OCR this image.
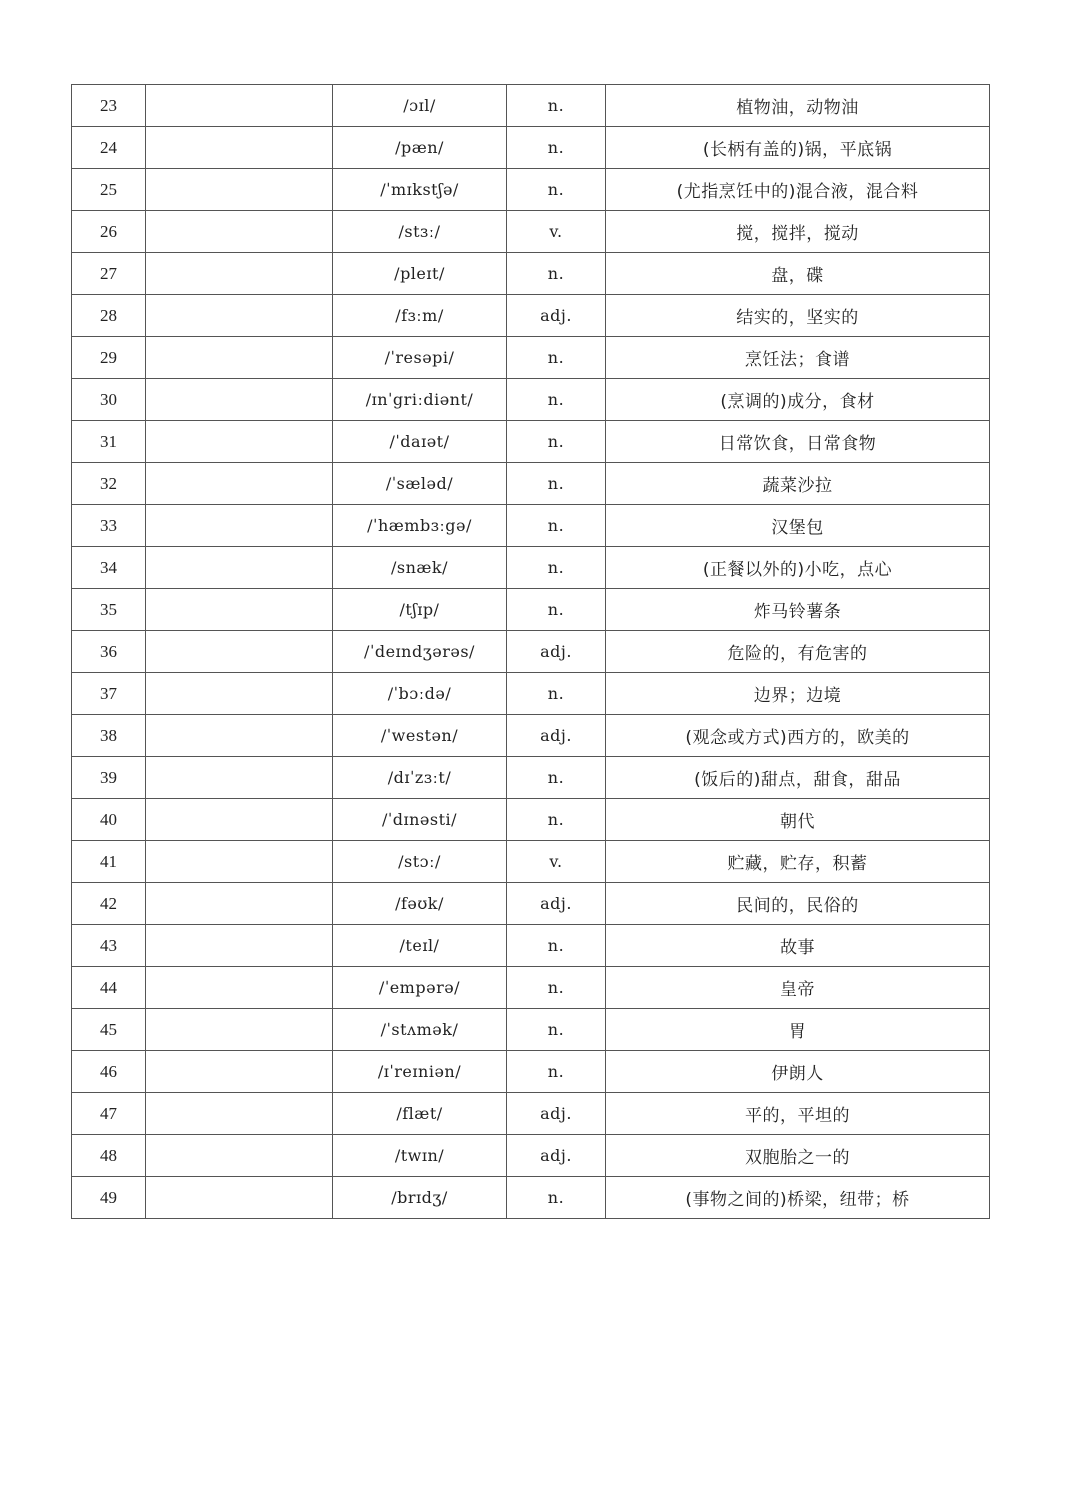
23		/ɔɪl/	n.	植物油，动物油
24		/pæn/	n.	(长柄有盖的)锅，平底锅
25		/ˈmɪkstʃə/	n.	(尤指烹饪中的)混合液，混合料
26		/stɜː/	v.	搅，搅拌，搅动
27		/pleɪt/	n.	盘，碟
28		/fɜːm/	adj.	结实的，坚实的
29		/ˈresəpi/	n.	烹饪法；食谱
30		/ɪnˈgriːdiənt/	n.	(烹调的)成分，食材
31		/ˈdaɪət/	n.	日常饮食，日常食物
32		/ˈsæləd/	n.	蔬菜沙拉
33		/ˈhæmbɜːgə/	n.	汉堡包
34		/snæk/	n.	(正餐以外的)小吃，点心
35		/tʃɪp/	n.	炸马铃薯条
36		/ˈdeɪndʒərəs/	adj.	危险的，有危害的
37		/ˈbɔːdə/	n.	边界；边境
38		/ˈwestən/	adj.	(观念或方式)西方的，欧美的
39		/dɪˈzɜːt/	n.	(饭后的)甜点，甜食，甜品
40		/ˈdɪnəsti/	n.	朝代
41		/stɔː/	v.	贮藏，贮存，积蓄
42		/fəʊk/	adj.	民间的，民俗的
43		/teɪl/	n.	故事
44		/ˈempərə/	n.	皇帝
45		/ˈstʌmək/	n.	胃
46		/ɪˈreɪniən/	n.	伊朗人
47		/flæt/	adj.	平的，平坦的
48		/twɪn/	adj.	双胞胎之一的
49		/brɪdʒ/	n.	(事物之间的)桥梁，纽带；桥
